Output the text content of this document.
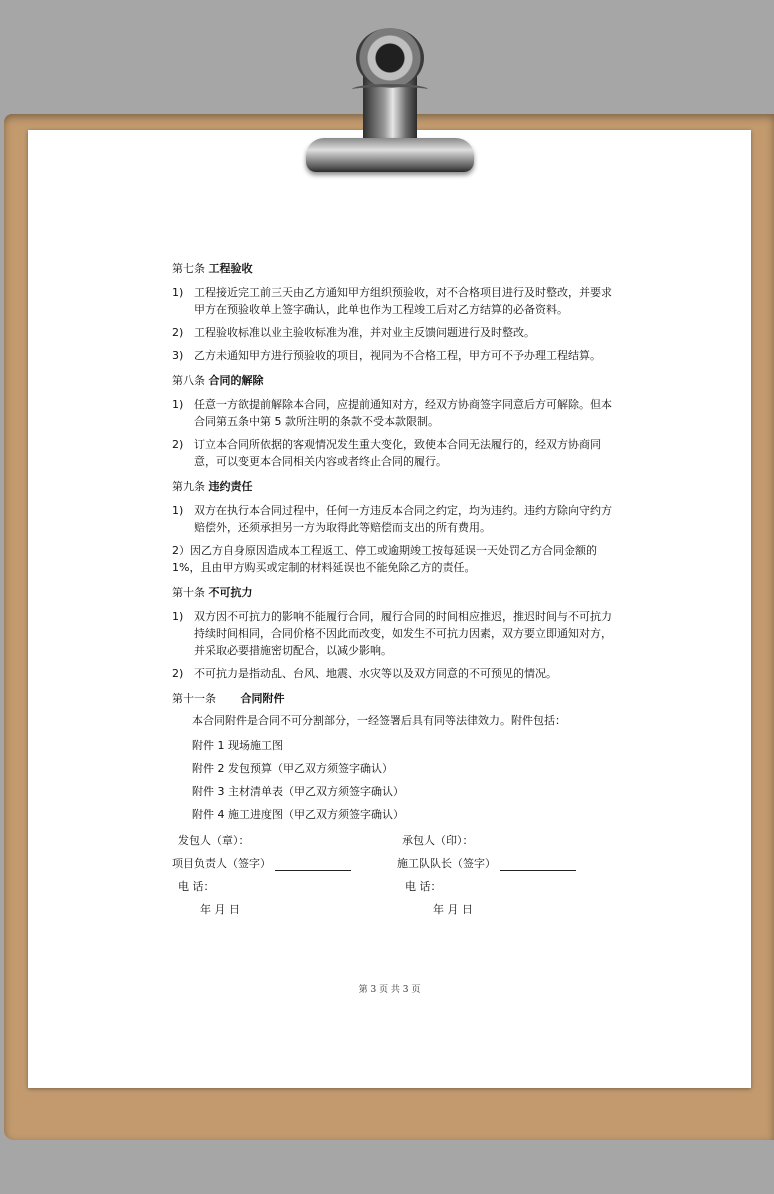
第 3 页 共 3 页
第七条 工程验收
1) 工程接近完工前三天由乙方通知甲方组织预验收，对不合格项目进行及时整改，并要求甲方在预验收单上签字确认，此单也作为工程竣工后对乙方结算的必备资料。
2) 工程验收标准以业主验收标准为准，并对业主反馈问题进行及时整改。
3) 乙方未通知甲方进行预验收的项目，视同为不合格工程，甲方可不予办理工程结算。
第八条 合同的解除
1) 任意一方欲提前解除本合同，应提前通知对方，经双方协商签字同意后方可解除。但本合同第五条中第 5 款所注明的条款不受本款限制。
2) 订立本合同所依据的客观情况发生重大变化，致使本合同无法履行的，经双方协商同意，可以变更本合同相关内容或者终止合同的履行。
第九条 违约责任
1) 双方在执行本合同过程中，任何一方违反本合同之约定，均为违约。违约方除向守约方赔偿外，还须承担另一方为取得此等赔偿而支出的所有费用。
2）因乙方自身原因造成本工程返工、停工或逾期竣工按每延误一天处罚乙方合同金额的1%，且由甲方购买或定制的材料延误也不能免除乙方的责任。
第十条 不可抗力
1) 双方因不可抗力的影响不能履行合同，履行合同的时间相应推迟，推迟时间与不可抗力持续时间相同，合同价格不因此而改变，如发生不可抗力因素，双方要立即通知对方，并采取必要措施密切配合，以减少影响。
2) 不可抗力是指动乱、台风、地震、水灾等以及双方同意的不可预见的情况。
第十一条 合同附件
本合同附件是合同不可分割部分，一经签署后具有同等法律效力。附件包括：
附件 1 现场施工图
附件 2 发包预算（甲乙双方须签字确认）
附件 3 主材清单表（甲乙双方须签字确认）
附件 4 施工进度图（甲乙双方须签字确认）
发包人（章）：	承包人（印）：
项目负责人（签字）	施工队队长（签字）
电 话：	电 话：
年 月 日	年 月 日
